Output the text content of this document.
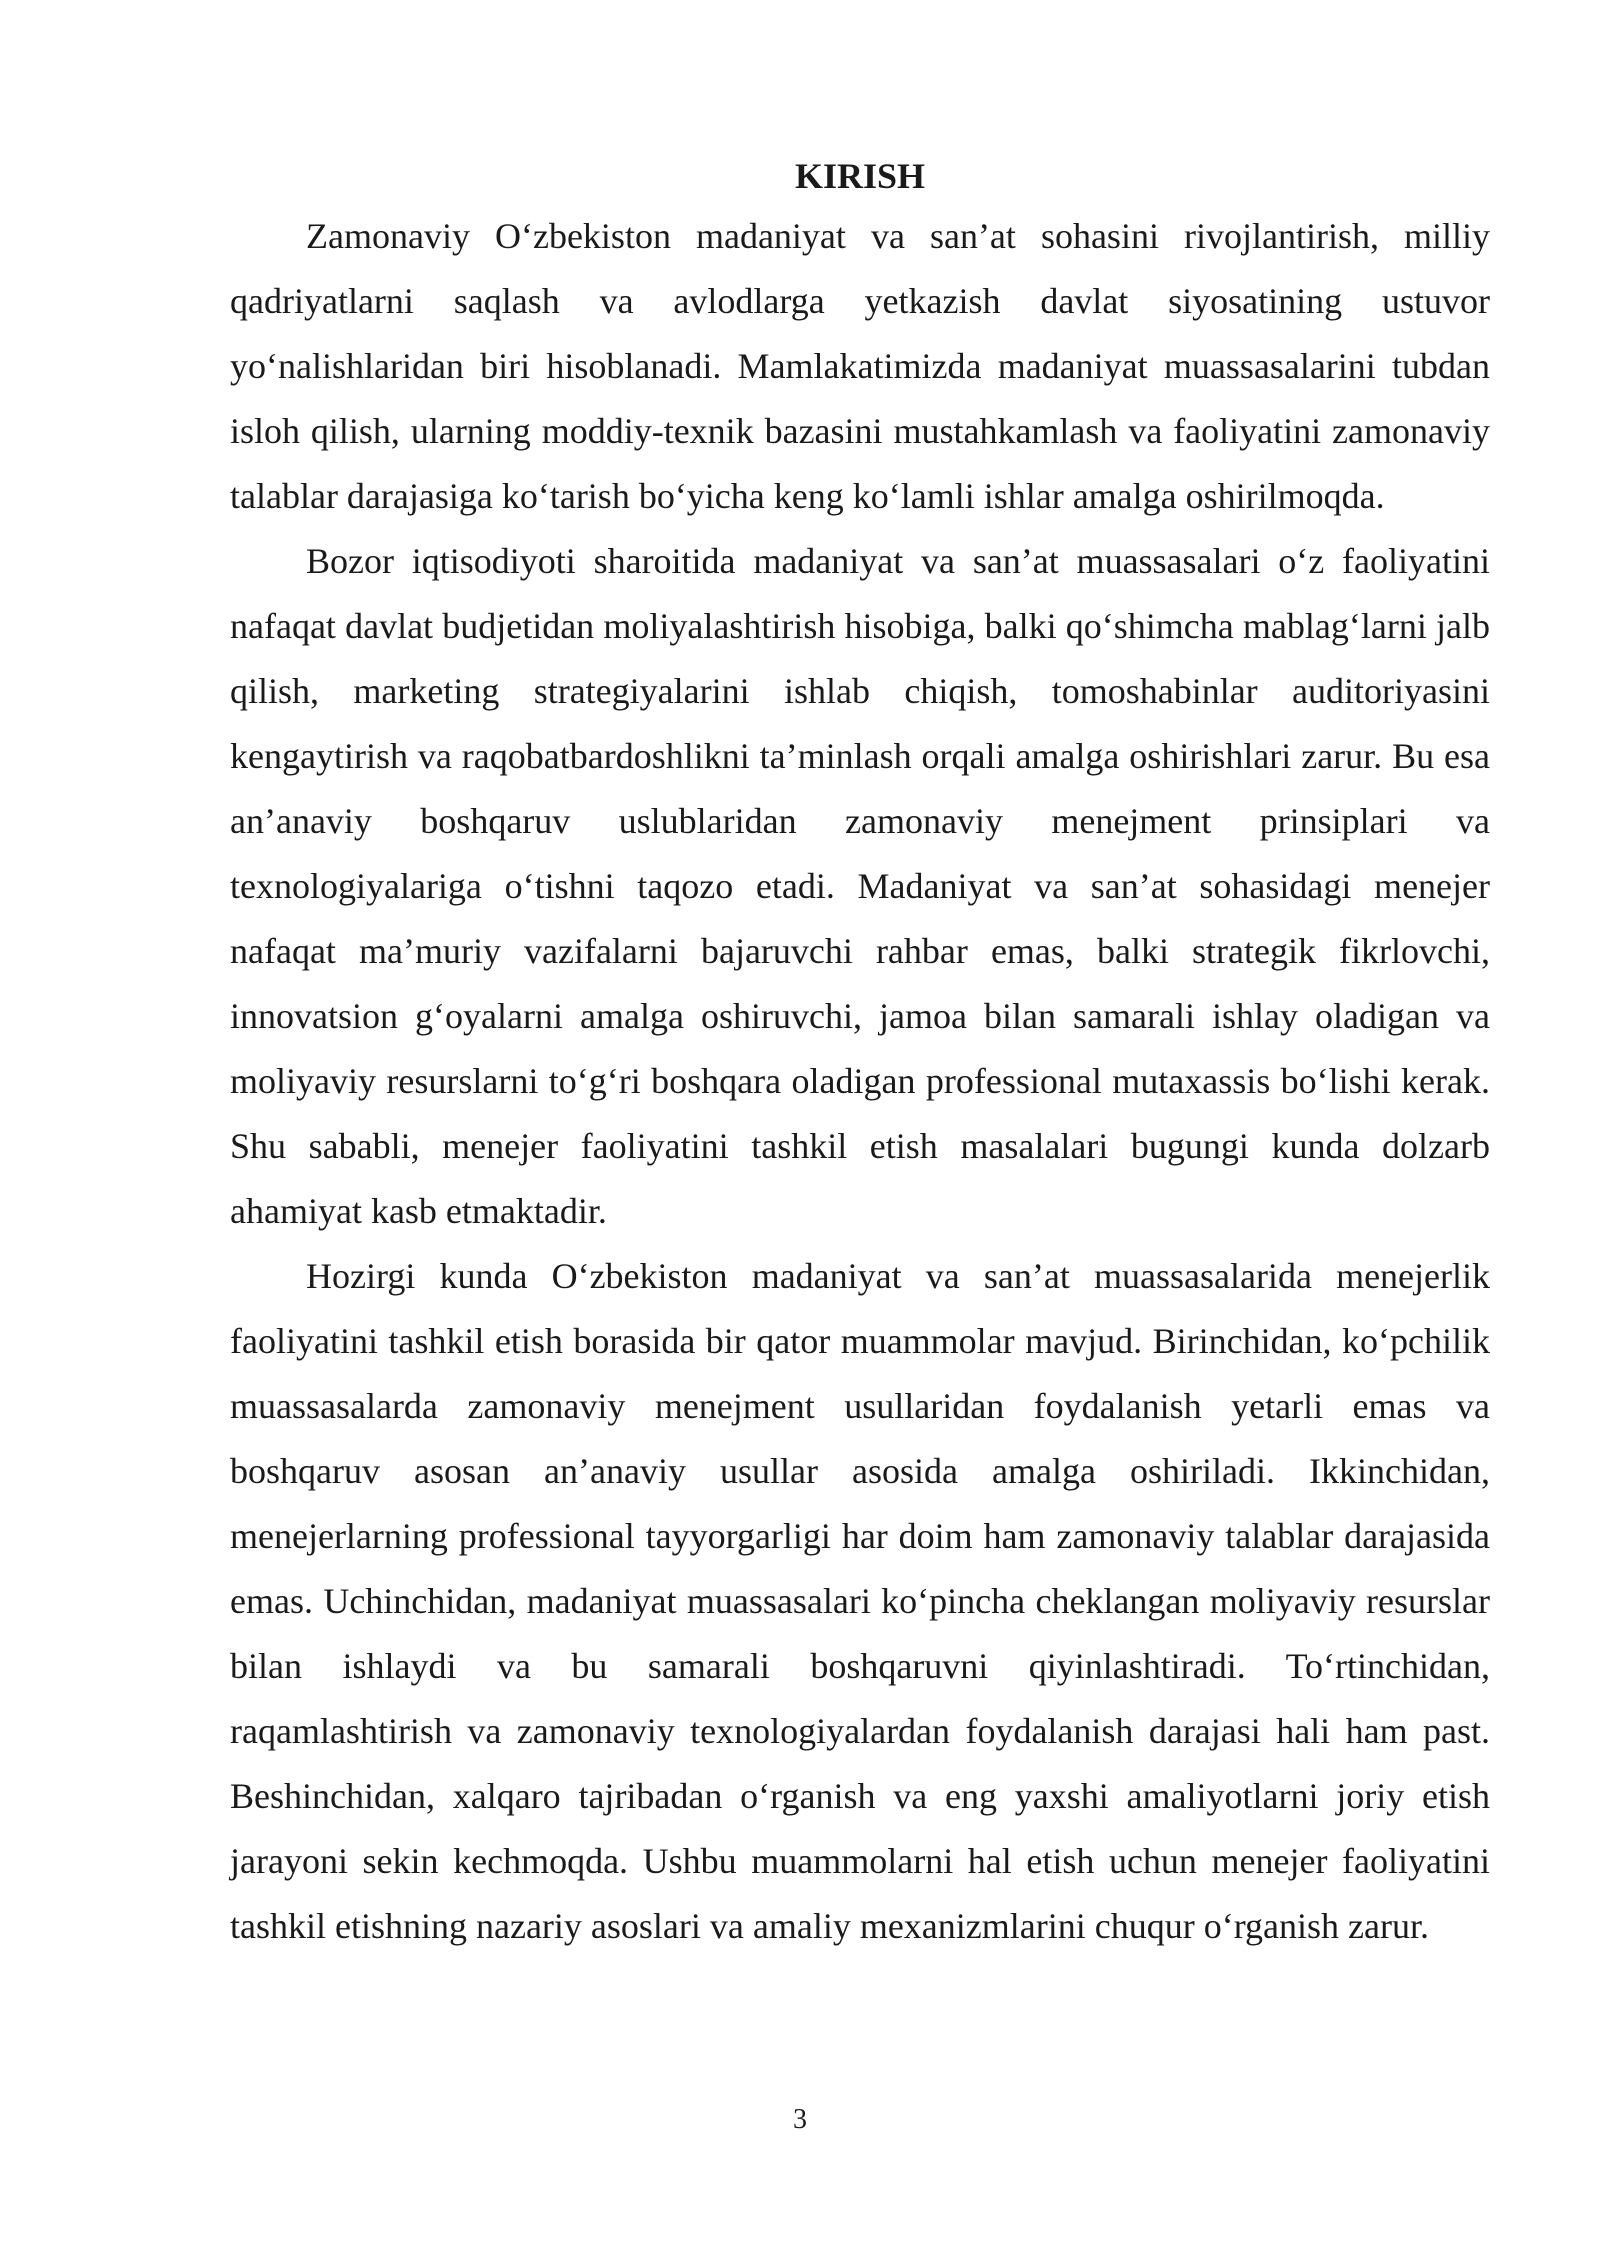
KIRISH

Zamonaviy O‘zbekiston madaniyat va san’at sohasini rivojlantirish, milliy qadriyatlarni saqlash va avlodlarga yetkazish davlat siyosatining ustuvor yo‘nalishlaridan biri hisoblanadi. Mamlakatimizda madaniyat muassasalarini tubdan isloh qilish, ularning moddiy-texnik bazasini mustahkamlash va faoliyatini zamonaviy talablar darajasiga ko‘tarish bo‘yicha keng ko‘lamli ishlar amalga oshirilmoqda.

Bozor iqtisodiyoti sharoitida madaniyat va san’at muassasalari o‘z faoliyatini nafaqat davlat budjetidan moliyalashtirish hisobiga, balki qo‘shimcha mablag‘larni jalb qilish, marketing strategiyalarini ishlab chiqish, tomoshabinlar auditoriyasini kengaytirish va raqobatbardoshlikni ta’minlash orqali amalga oshirishlari zarur. Bu esa an’anaviy boshqaruv uslublaridan zamonaviy menejment prinsiplari va texnologiyalariga o‘tishni taqozo etadi. Madaniyat va san’at sohasidagi menejer nafaqat ma’muriy vazifalarni bajaruvchi rahbar emas, balki strategik fikrlovchi, innovatsion g‘oyalarni amalga oshiruvchi, jamoa bilan samarali ishlay oladigan va moliyaviy resurslarni to‘g‘ri boshqara oladigan professional mutaxassis bo‘lishi kerak. Shu sababli, menejer faoliyatini tashkil etish masalalari bugungi kunda dolzarb ahamiyat kasb etmaktadir.

Hozirgi kunda O‘zbekiston madaniyat va san’at muassasalarida menejerlik faoliyatini tashkil etish borasida bir qator muammolar mavjud. Birinchidan, ko‘pchilik muassasalarda zamonaviy menejment usullaridan foydalanish yetarli emas va boshqaruv asosan an’anaviy usullar asosida amalga oshiriladi. Ikkinchidan, menejerlarning professional tayyorgarligi har doim ham zamonaviy talablar darajasida emas. Uchinchidan, madaniyat muassasalari ko‘pincha cheklangan moliyaviy resurslar bilan ishlaydi va bu samarali boshqaruvni qiyinlashtiradi. To‘rtinchidan, raqamlashtirish va zamonaviy texnologiyalardan foydalanish darajasi hali ham past. Beshinchidan, xalqaro tajribadan o‘rganish va eng yaxshi amaliyotlarni joriy etish jarayoni sekin kechmoqda. Ushbu muammolarni hal etish uchun menejer faoliyatini tashkil etishning nazariy asoslari va amaliy mexanizmlarini chuqur o‘rganish zarur.

3
